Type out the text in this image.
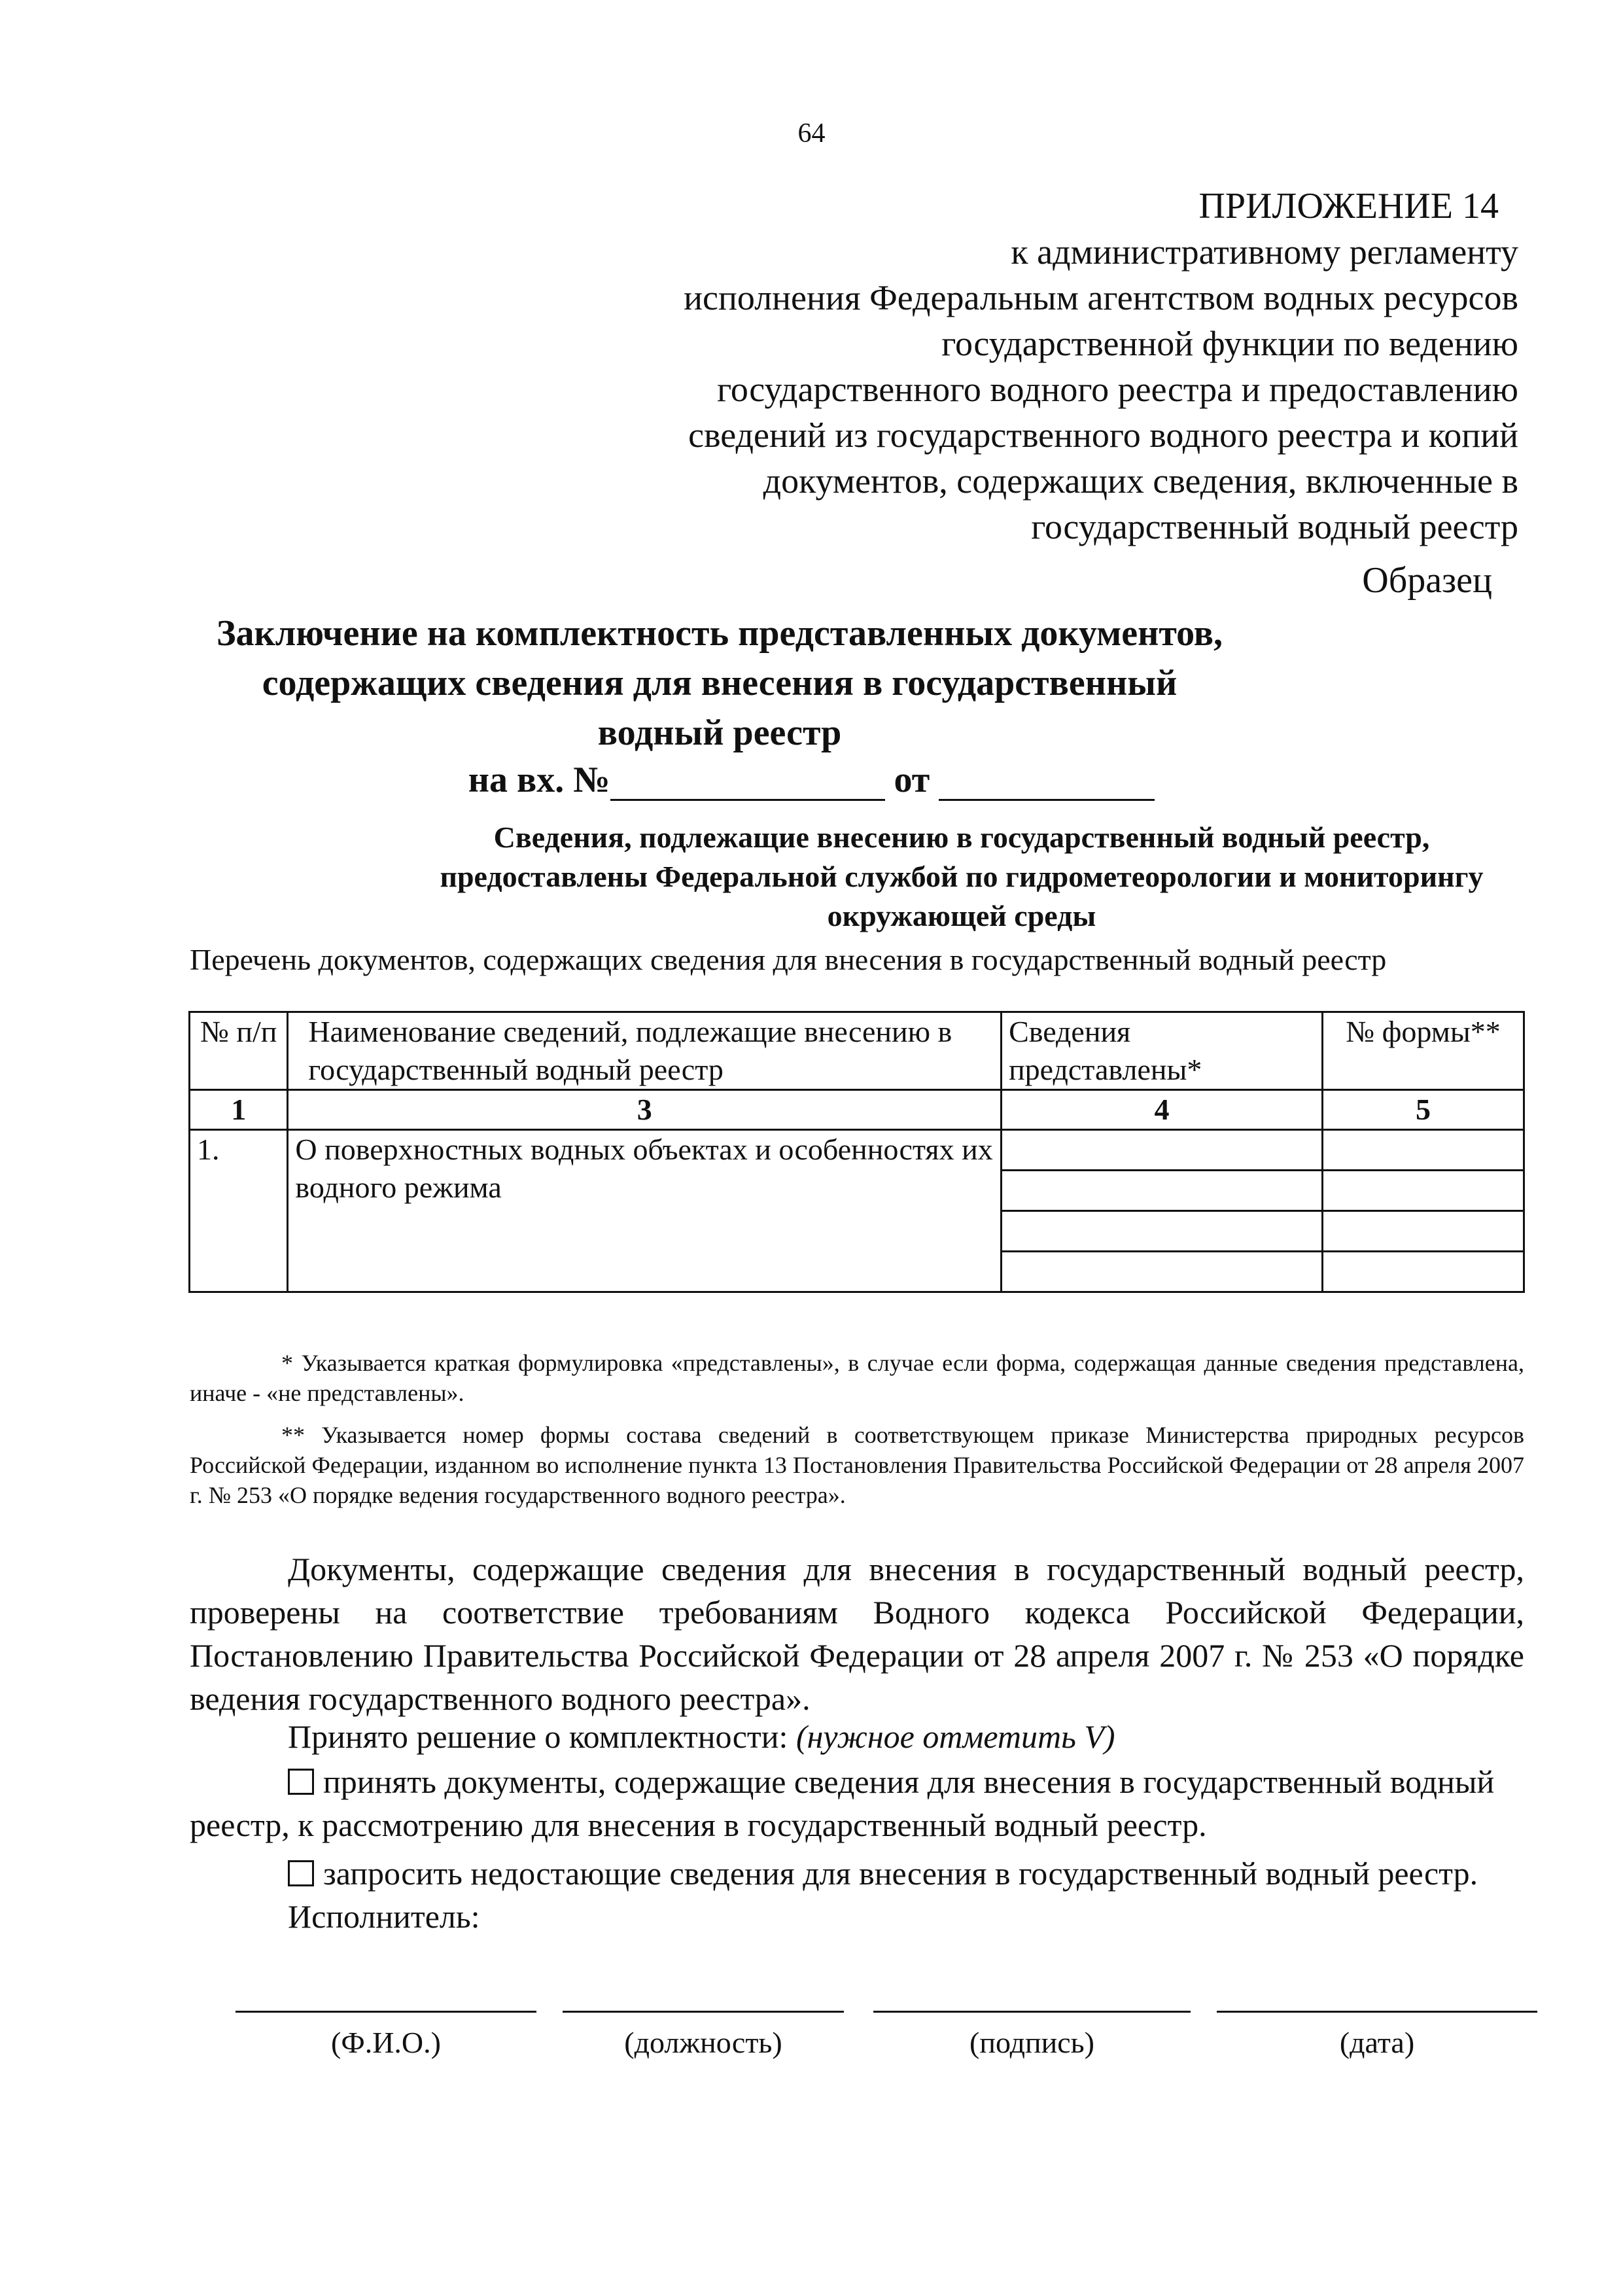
64
ПРИЛОЖЕНИЕ 14
к административному регламенту
исполнения Федеральным агентством водных ресурсов
государственной функции по ведению
государственного водного реестра и предоставлению
сведений из государственного водного реестра и копий
документов, содержащих сведения, включенные в
государственный водный реестр
Образец
Заключение на комплектность представленных документов,
содержащих сведения для внесения в государственный
водный реестр
на вх. №	от
Сведения, подлежащие внесению в государственный водный реестр,
предоставлены Федеральной службой по гидрометеорологии и мониторингу
окружающей среды
Перечень документов, содержащих сведения для внесения в государственный водный реестр
№ п/п	Наименование сведений, подлежащие внесению в государственный водный реестр	Сведения представлены*	№ формы**
1	3	4	5
1.	О поверхностных водных объектах и особенностях их водного режима	

* Указывается краткая формулировка «представлены», в случае если форма, содержащая данные сведения представлена, иначе - «не представлены».
** Указывается номер формы состава сведений в соответствующем приказе Министерства природных ресурсов Российской Федерации, изданном во исполнение пункта 13 Постановления Правительства Российской Федерации от 28 апреля 2007 г. № 253 «О порядке ведения государственного водного реестра».
Документы, содержащие сведения для внесения в государственный водный реестр, проверены на соответствие требованиям Водного кодекса Российской Федерации, Постановлению Правительства Российской Федерации от 28 апреля 2007 г. № 253 «О порядке ведения государственного водного реестра».
Принято решение о комплектности: (нужное отметить V)
принять документы, содержащие сведения для внесения в государственный водный реестр, к рассмотрению для внесения в государственный водный реестр.
запросить недостающие сведения для внесения в государственный водный реестр.
Исполнитель:
(Ф.И.О.)	(должность)	(подпись)	(дата)
